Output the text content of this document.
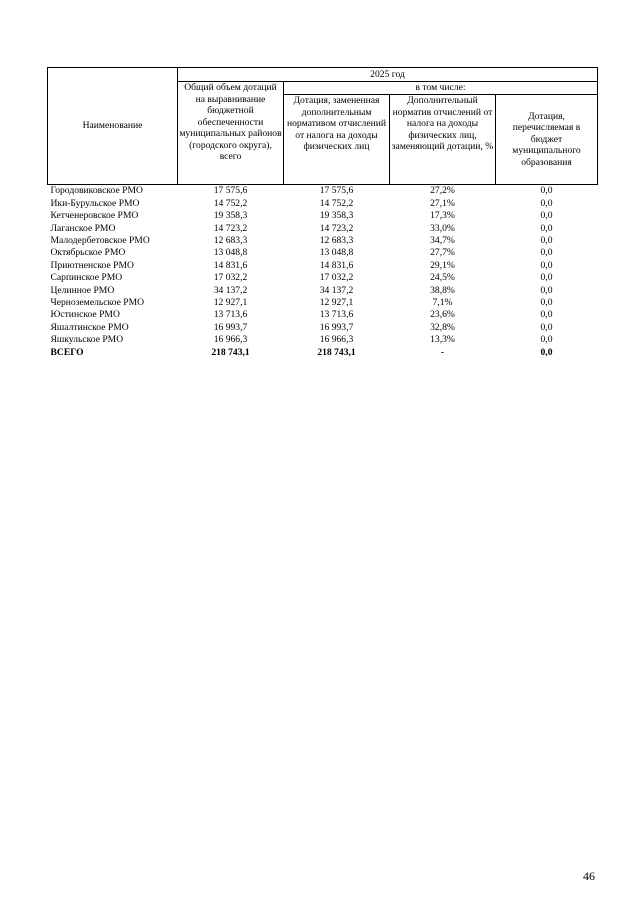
Наименование	2025 год			
	Общий объем дотаций на выравнивание бюджетной обеспеченности муниципальных районов (городского округа), всего	в том числе:		
		Дотация, замененная дополнительным нормативом отчислений от налога на доходы физических лиц	Дополнительный норматив отчислений от налога на доходы физических лиц, заменяющий дотации, %	Дотация, перечисляемая в бюджет муниципального образования
Городовиковское РМО	17 575,6	17 575,6	27,2%	0,0
Ики-Бурульское РМО	14 752,2	14 752,2	27,1%	0,0
Кетченеровское РМО	19 358,3	19 358,3	17,3%	0,0
Лаганское РМО	14 723,2	14 723,2	33,0%	0,0
Малодербетовское РМО	12 683,3	12 683,3	34,7%	0,0
Октябрьское РМО	13 048,8	13 048,8	27,7%	0,0
Приютненское РМО	14 831,6	14 831,6	29,1%	0,0
Сарпинское РМО	17 032,2	17 032,2	24,5%	0,0
Целинное РМО	34 137,2	34 137,2	38,8%	0,0
Черноземельское РМО	12 927,1	12 927,1	7,1%	0,0
Юстинское РМО	13 713,6	13 713,6	23,6%	0,0
Яшалтинское РМО	16 993,7	16 993,7	32,8%	0,0
Яшкульское РМО	16 966,3	16 966,3	13,3%	0,0
ВСЕГО	218 743,1	218 743,1	-	0,0
46
